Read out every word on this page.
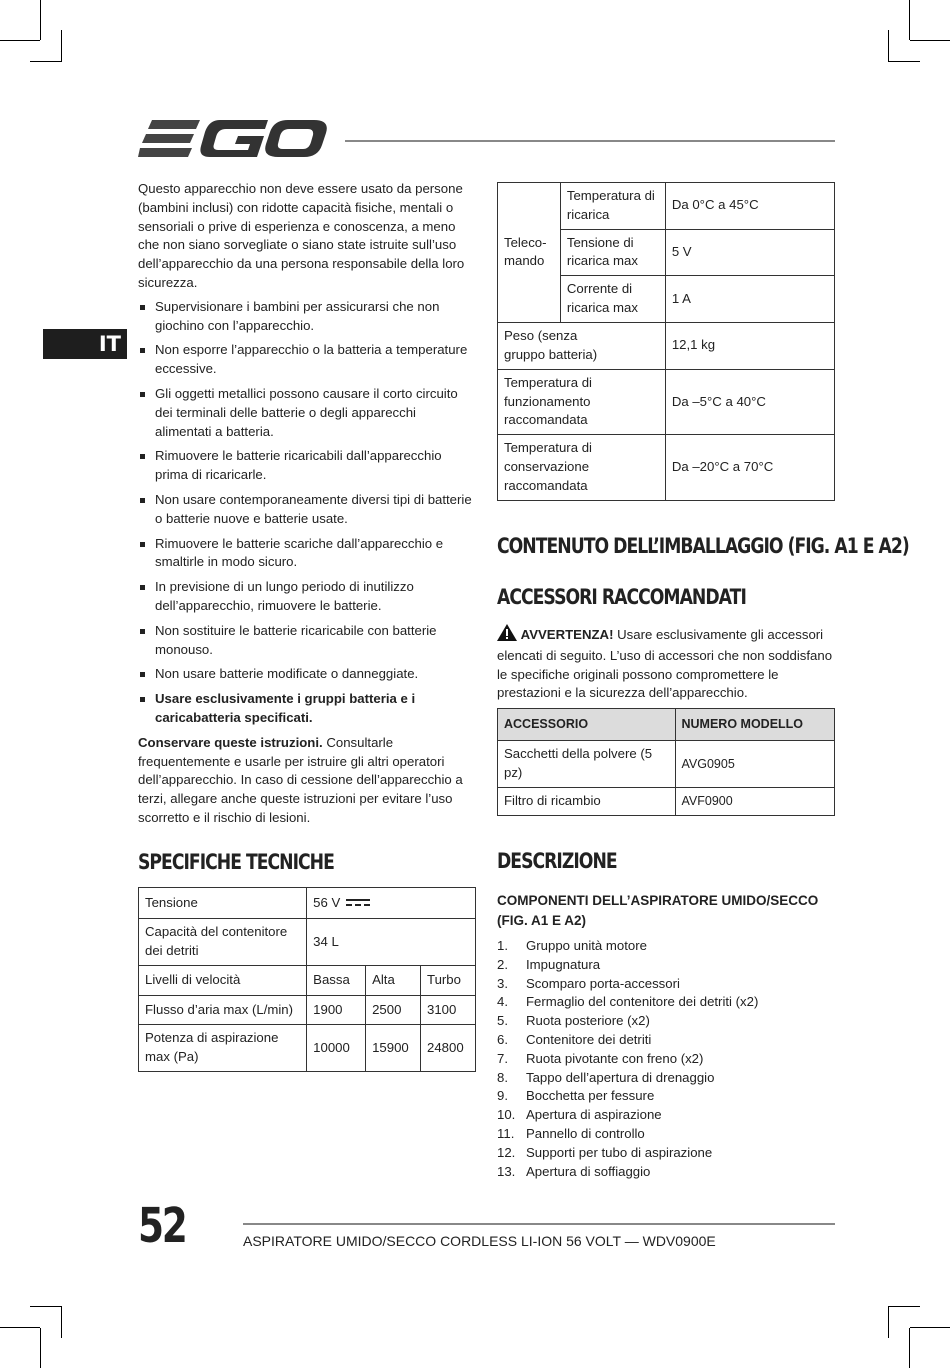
IT

Questo apparecchio non deve essere usato da persone (bambini inclusi) con ridotte capacità fisiche, mentali o sensoriali o prive di esperienza e conoscenza, a meno che non siano sorvegliate o siano state istruite sull’uso dell’apparecchio da una persona responsabile della loro sicurezza.

Supervisionare i bambini per assicurarsi che non giochino con l’apparecchio.
Non esporre l’apparecchio o la batteria a temperature eccessive.
Gli oggetti metallici possono causare il corto circuito dei terminali delle batterie o degli apparecchi alimentati a batteria.
Rimuovere le batterie ricaricabili dall’apparecchio prima di ricaricarle.
Non usare contemporaneamente diversi tipi di batterie o batterie nuove e batterie usate.
Rimuovere le batterie scariche dall’apparecchio e smaltirle in modo sicuro.
In previsione di un lungo periodo di inutilizzo dell’apparecchio, rimuovere le batterie.
Non sostituire le batterie ricaricabile con batterie monouso.
Non usare batterie modificate o danneggiate.
Usare esclusivamente i gruppi batteria e i caricabatteria specificati.

Conservare queste istruzioni. Consultarle frequentemente e usarle per istruire gli altri operatori dell’apparecchio. In caso di cessione dell’apparecchio a terzi, allegare anche queste istruzioni per evitare l’uso scorretto e il rischio di lesioni.

SPECIFICHE TECNICHE
Tensione	56 V		

Capacità del contenitore dei detriti	34 L		
Livelli di velocità	Bassa	Alta	Turbo
Flusso d’aria max (L/min)	1900	2500	3100
Potenza di aspirazione max (Pa)	10000	15900	24800
Teleco-mando	Temperatura di ricarica	Da 0°C a 45°C
	Tensione di ricarica max	5 V
	Corrente di ricarica max	1 A
Peso (senza gruppo batteria)		12,1 kg
Temperatura di funzionamento raccomandata		Da –5°C a 40°C
Temperatura di conservazione raccomandata		Da –20°C a 70°C
CONTENUTO DELL’IMBALLAGGIO (FIG. A1 E A2)
ACCESSORI RACCOMANDATI
AVVERTENZA! Usare esclusivamente gli accessori elencati di seguito. L’uso di accessori che non soddisfano le specifiche originali possono compromettere le prestazioni e la sicurezza dell’apparecchio.
ACCESSORIO	NUMERO MODELLO
Sacchetti della polvere (5 pz)	AVG0905
Filtro di ricambio	AVF0900
DESCRIZIONE
COMPONENTI DELL’ASPIRATORE UMIDO/SECCO (FIG. A1 E A2)
1.	Gruppo unità motore
2.	Impugnatura
3.	Scomparo porta-accessori
4.	Fermaglio del contenitore dei detriti (x2)
5.	Ruota posteriore (x2)
6.	Contenitore dei detriti
7.	Ruota pivotante con freno (x2)
8.	Tappo dell’apertura di drenaggio
9.	Bocchetta per fessure
10. Apertura di aspirazione
11. Pannello di controllo
12. Supporti per tubo di aspirazione
13. Apertura di soffiaggio
52	ASPIRATORE UMIDO/SECCO CORDLESS LI-ION 56 VOLT — WDV0900E
